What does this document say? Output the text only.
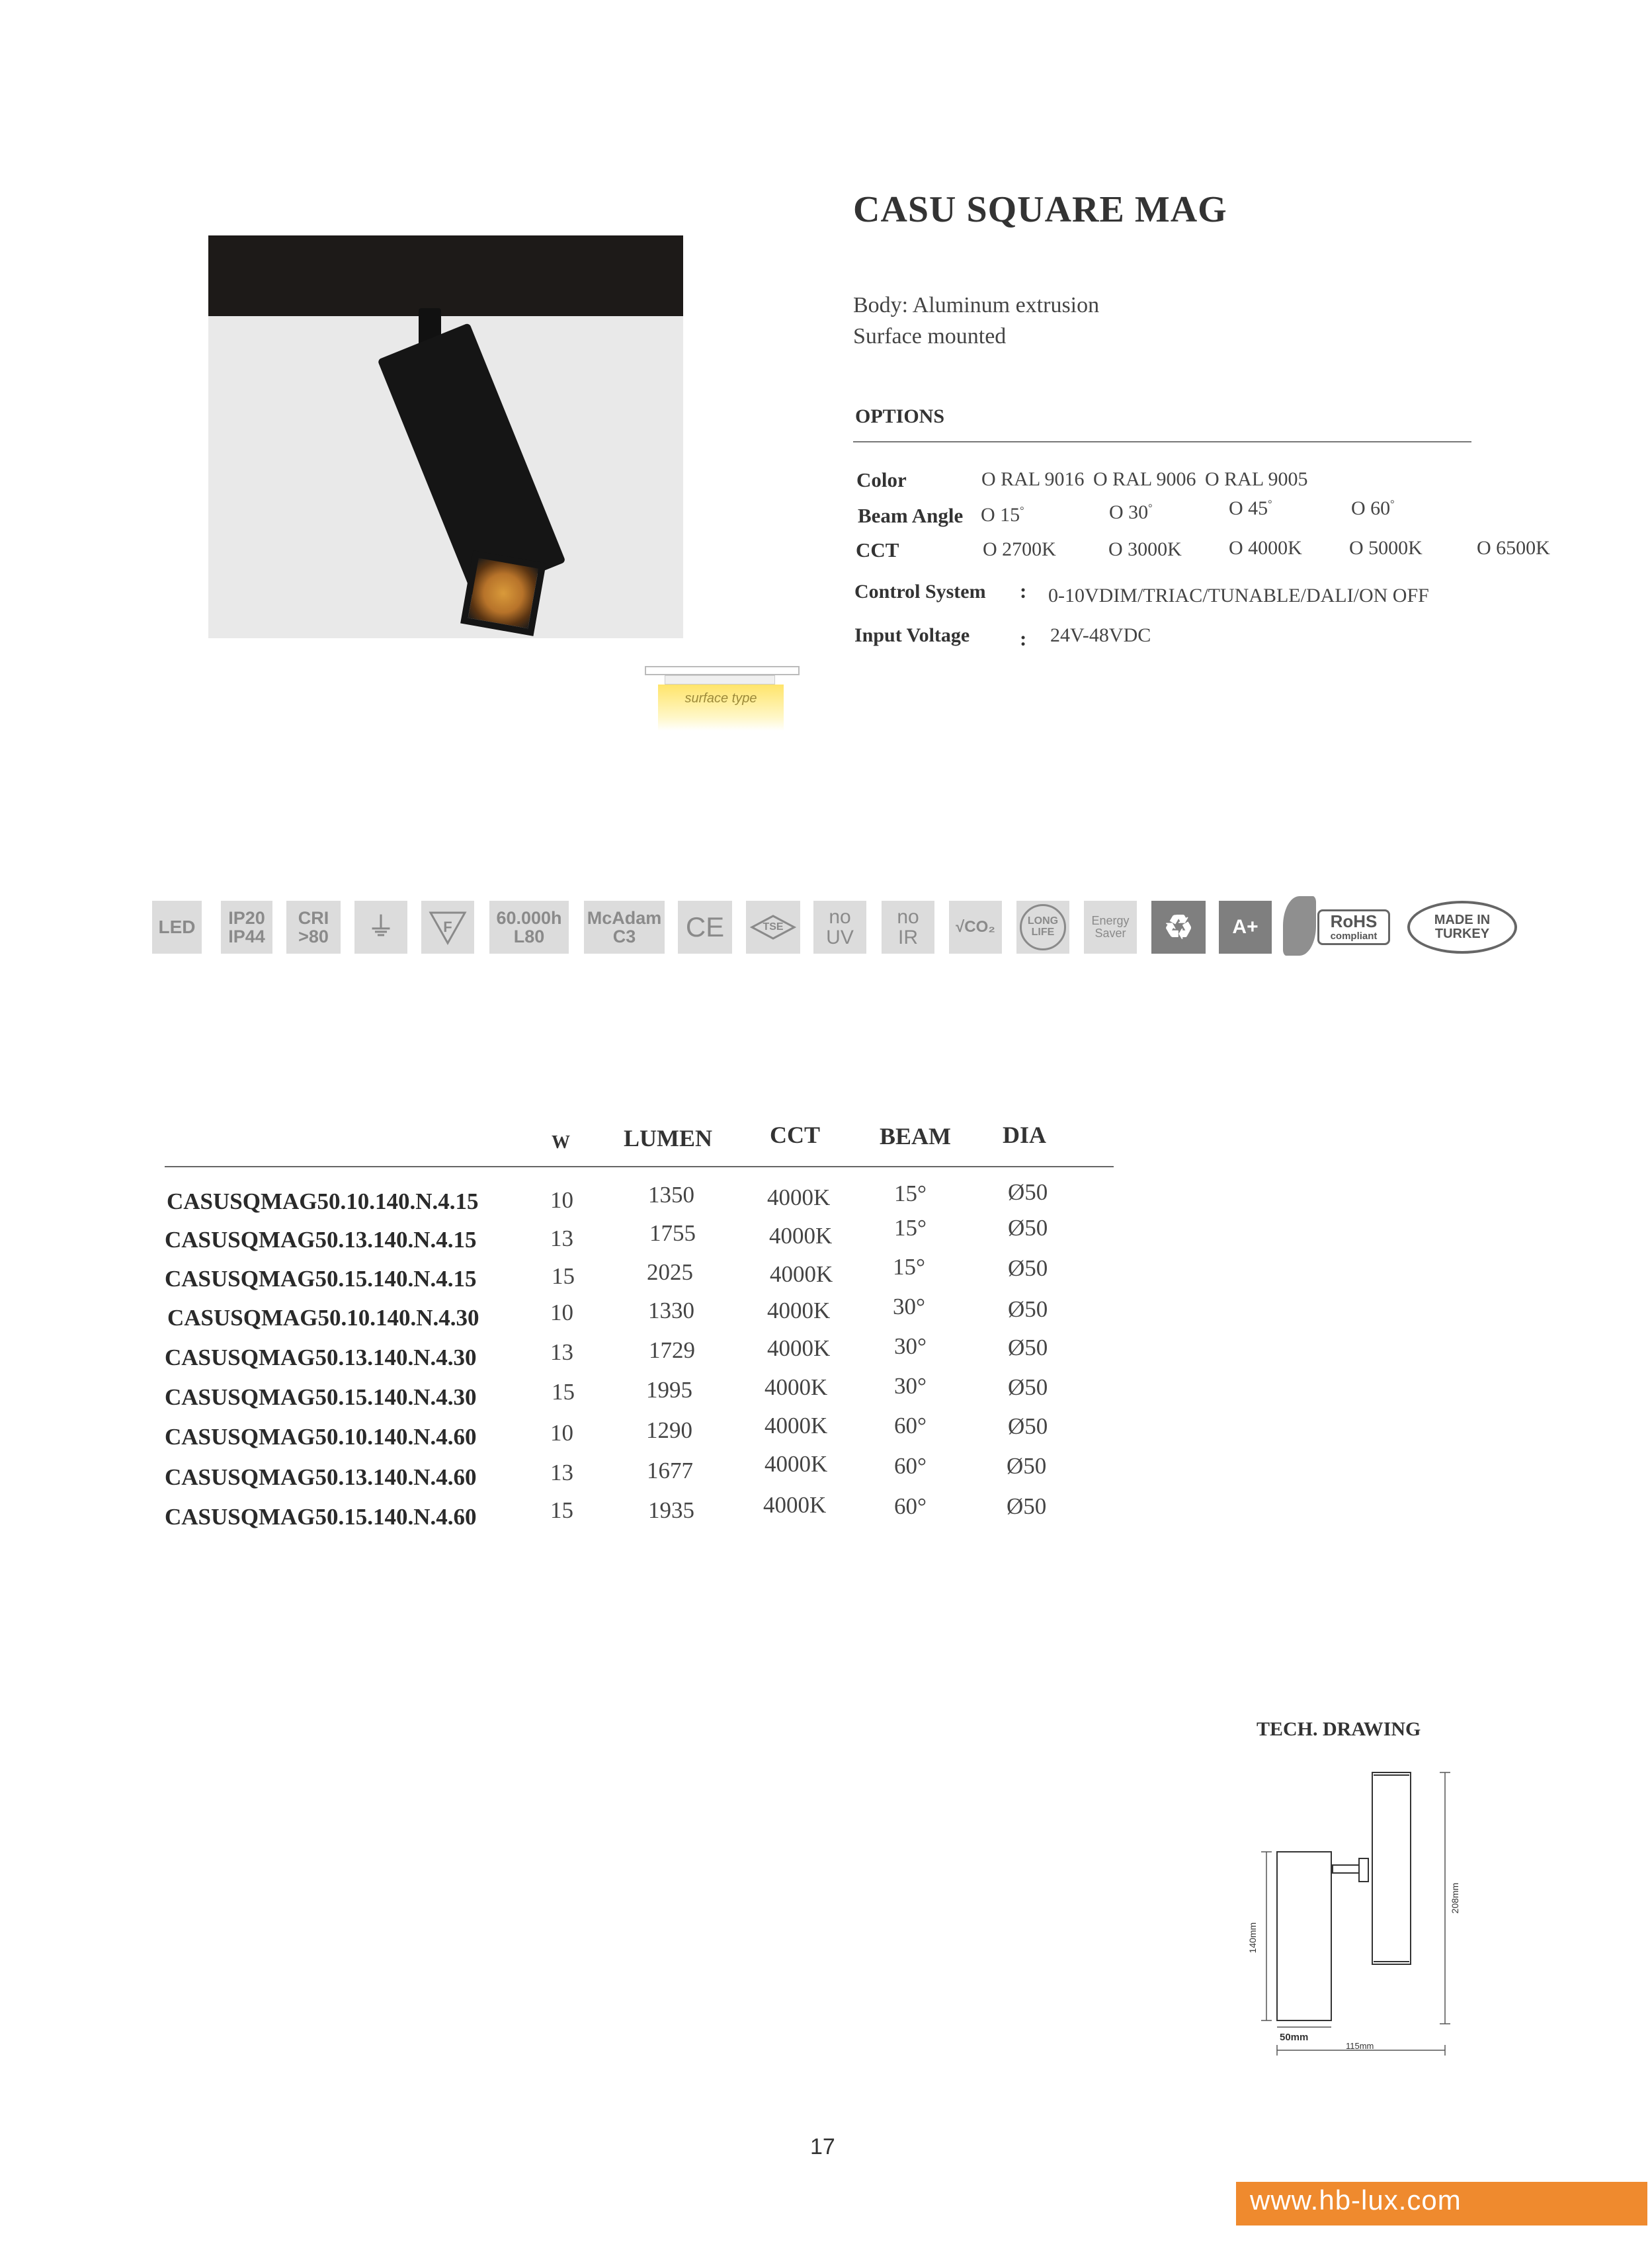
surface type
CASU SQUARE MAG
Body: Aluminum extrusion
Surface mounted
OPTIONS
Color	O RAL 9016 O RAL 9006 O RAL 9005
Beam Angle O 15°	O 30°	O 45°	O 60°
CCT	O 2700K	O 3000K O 4000K O 5000K	O 6500K
Control System : 0-10VDIM/TRIAC/TUNABLE/DALI/ON OFF
Input Voltage : 24V-48VDC
LED IP20
IP44
CRI
>80 ⏚	F 60.000h
L80
McAdam
C3 CE	TSE no
UV
no
IR √CO₂	LONG
LIFE
Energy
Saver ♻ A+	RoHS
compliant
MADE IN TURKEY
W LUMEN CCT BEAM DIA
CASUSQMAG50.10.140.N.4.15	10	1350	4000K	15°	Ø50
CASUSQMAG50.13.140.N.4.15	13	1755	4000K	15°	Ø50
CASUSQMAG50.15.140.N.4.15	15	2025	4000K	15°	Ø50
CASUSQMAG50.10.140.N.4.30	10	1330	4000K	30°	Ø50
CASUSQMAG50.13.140.N.4.30	13	1729	4000K	30°	Ø50
CASUSQMAG50.15.140.N.4.30	15	1995	4000K	30°	Ø50
CASUSQMAG50.10.140.N.4.60	10	1290	4000K	60°	Ø50
CASUSQMAG50.13.140.N.4.60	13	1677	4000K	60°	Ø50
CASUSQMAG50.15.140.N.4.60	15	1935	4000K	60°	Ø50
TECH. DRAWING
140mm
208mm
50mm
115mm
17
www.hb-lux.com
